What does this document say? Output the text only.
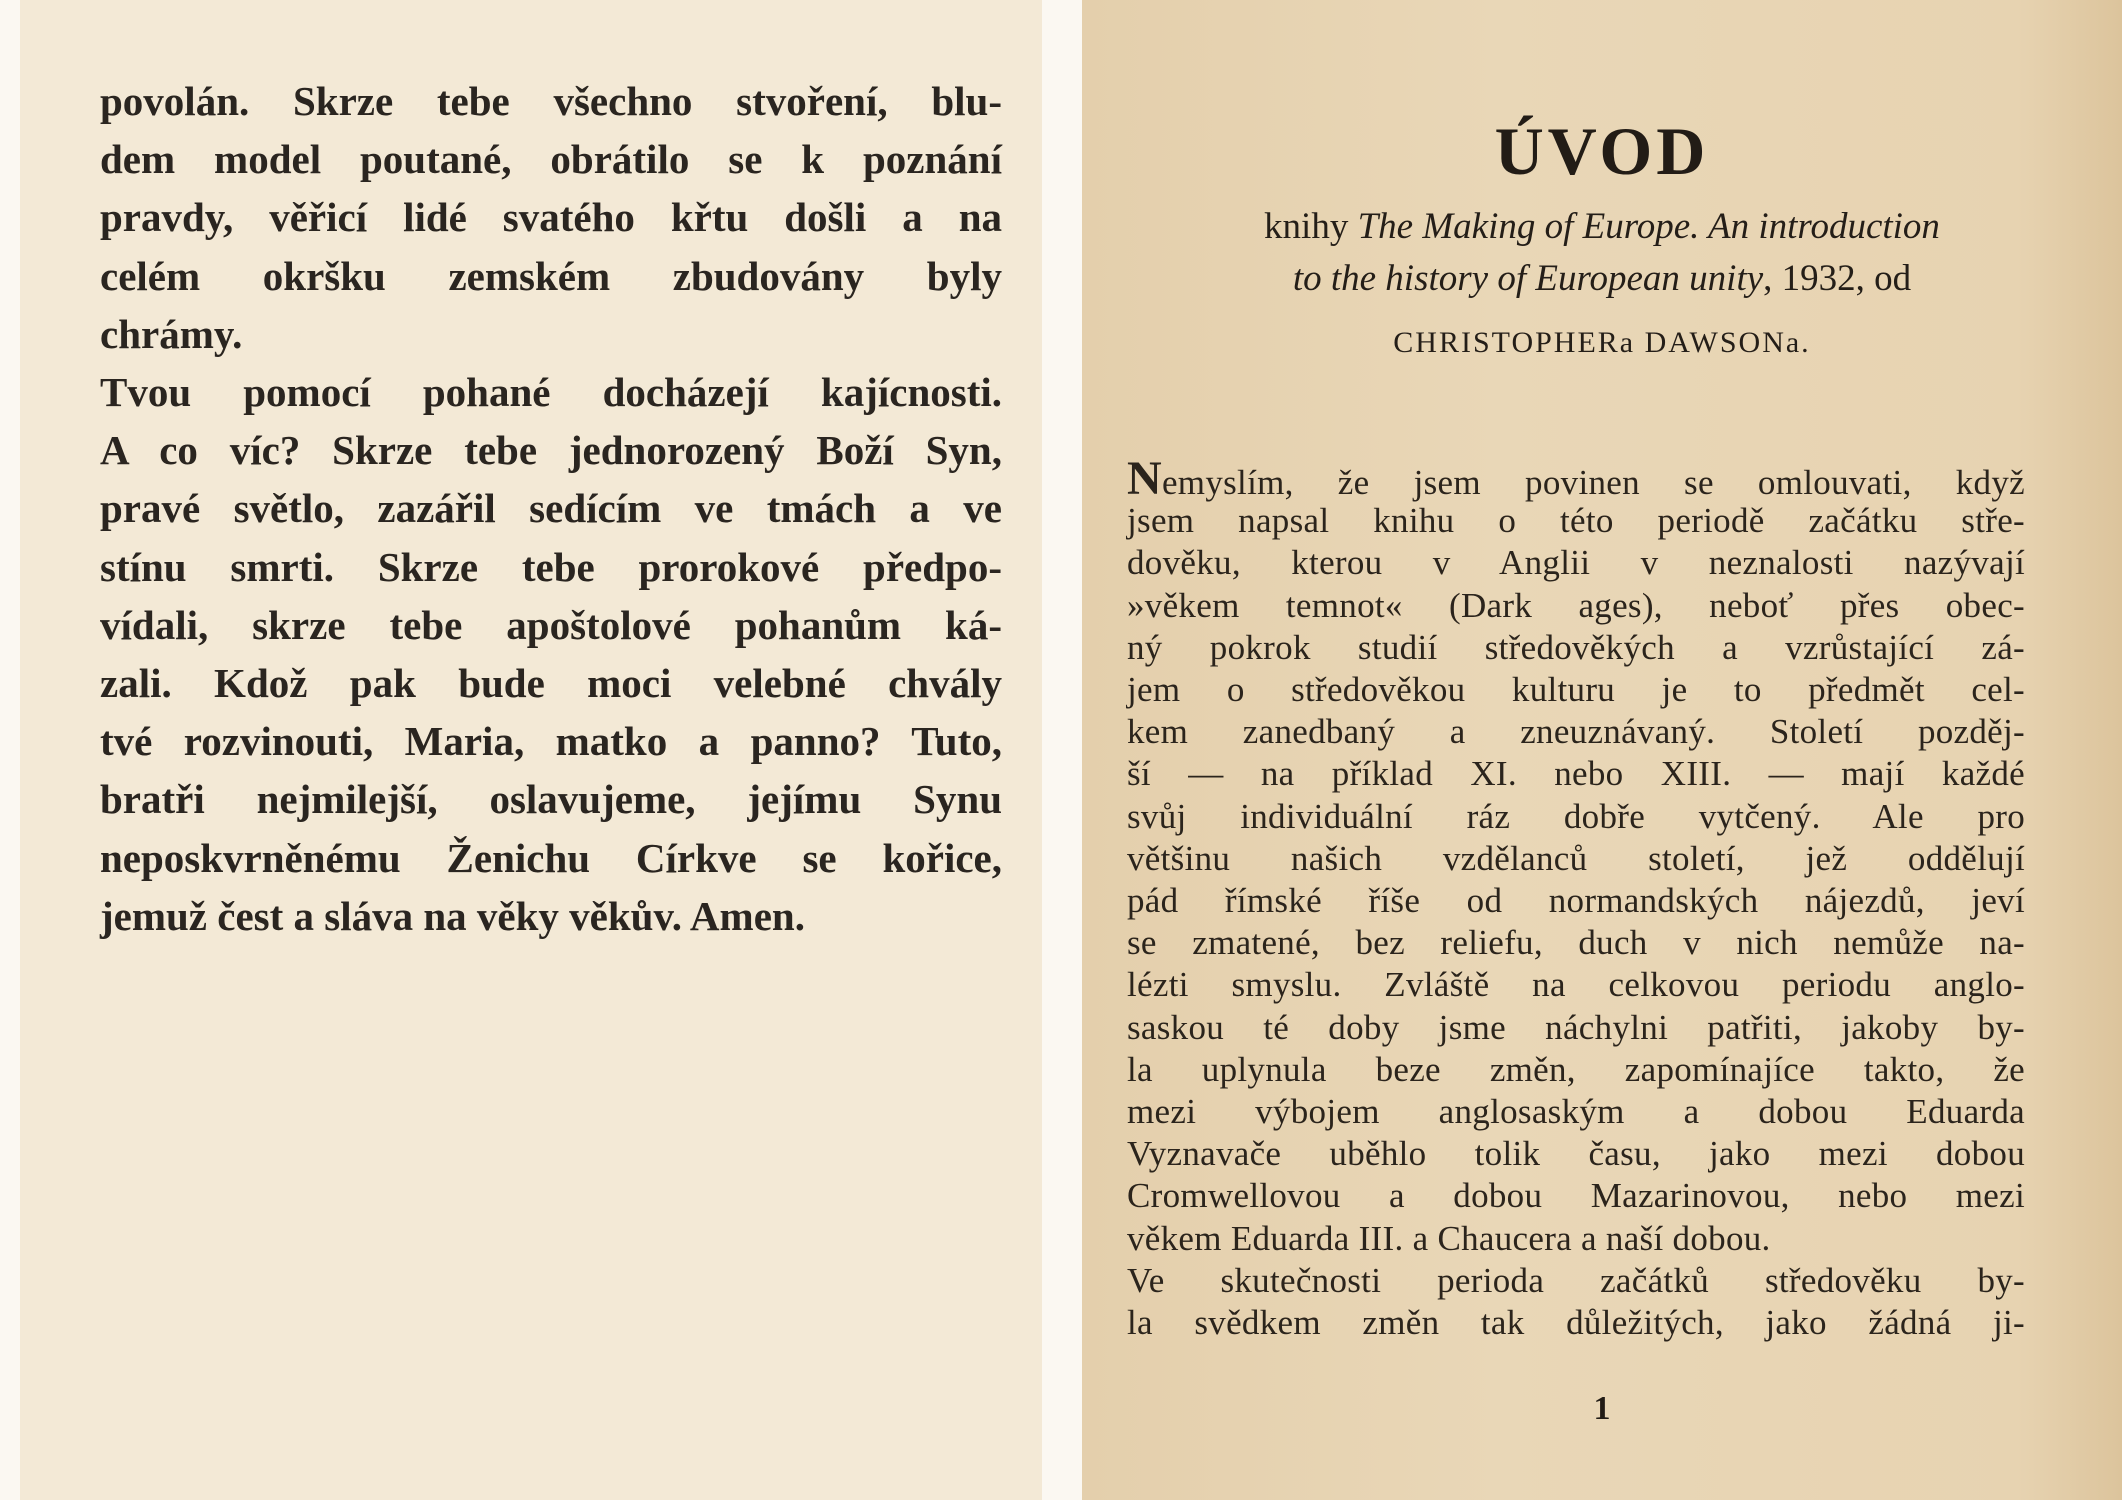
povolán. Skrze tebe všechno stvoření, blu-
dem model poutané, obrátilo se k poznání
pravdy, věřicí lidé svatého křtu došli a na
celém okršku zemském zbudovány byly
chrámy.
Tvou pomocí pohané docházejí kajícnosti.
A co víc? Skrze tebe jednorozený Boží Syn,
pravé světlo, zazářil sedícím ve tmách a ve
stínu smrti. Skrze tebe prorokové předpo-
vídali, skrze tebe apoštolové pohanům ká-
zali. Kdož pak bude moci velebné chvály
tvé rozvinouti, Maria, matko a panno? Tuto,
bratři nejmilejší, oslavujeme, jejímu Synu
neposkvrněnému Ženichu Církve se kořice,
jemuž čest a sláva na věky věkův. Amen.
ÚVOD
knihy The Making of Europe. An introduction
to the history of European unity, 1932, od
CHRISTOPHERa DAWSONa.
1
Nemyslím, že jsem povinen se omlouvati, když
jsem napsal knihu o této periodě začátku stře-
dověku, kterou v Anglii v neznalosti nazývají
»věkem temnot« (Dark ages), neboť přes obec-
ný pokrok studií středověkých a vzrůstající zá-
jem o středověkou kulturu je to předmět cel-
kem zanedbaný a zneuznávaný. Století pozděj-
ší — na příklad XI. nebo XIII. — mají každé
svůj individuální ráz dobře vytčený. Ale pro
většinu našich vzdělanců století, jež oddělují
pád římské říše od normandských nájezdů, jeví
se zmatené, bez reliefu, duch v nich nemůže na-
lézti smyslu. Zvláště na celkovou periodu anglo-
saskou té doby jsme náchylni patřiti, jakoby by-
la uplynula beze změn, zapomínajíce takto, že
mezi výbojem anglosaským a dobou Eduarda
Vyznavače uběhlo tolik času, jako mezi dobou
Cromwellovou a dobou Mazarinovou, nebo mezi
věkem Eduarda III. a Chaucera a naší dobou.
Ve skutečnosti perioda začátků středověku by-
la svědkem změn tak důležitých, jako žádná ji-
